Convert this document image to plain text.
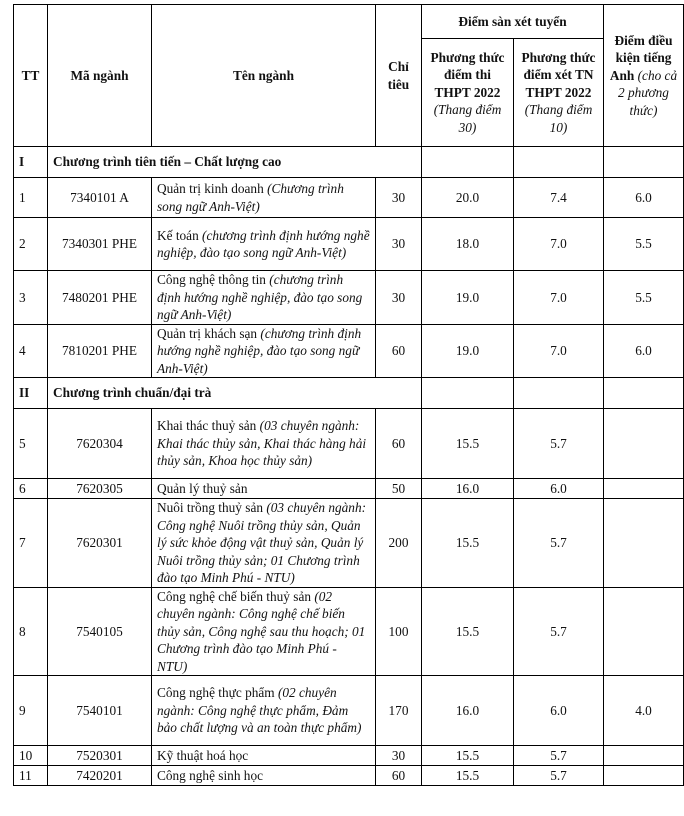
TT	Mã ngành	Tên ngành	Chỉ tiêu	Điểm sàn xét tuyển		Điểm điều kiện tiếng Anh (cho cả 2 phương thức)
				Phương thức điểm thi THPT 2022 (Thang điểm 30)	Phương thức điểm xét TN THPT 2022 (Thang điểm 10)	
I	Chương trình tiên tiến – Chất lượng cao					
1	7340101 A	Quản trị kinh doanh (Chương trình song ngữ Anh-Việt)	30	20.0	7.4	6.0
2	7340301 PHE	Kế toán (chương trình định hướng nghề nghiệp, đào tạo song ngữ Anh-Việt)	30	18.0	7.0	5.5
3	7480201 PHE	Công nghệ thông tin (chương trình định hướng nghề nghiệp, đào tạo song ngữ Anh-Việt)	30	19.0	7.0	5.5
4	7810201 PHE	Quản trị khách sạn (chương trình định hướng nghề nghiệp, đào tạo song ngữ Anh-Việt)	60	19.0	7.0	6.0
II	Chương trình chuẩn/đại trà					
5	7620304	Khai thác thuỷ sản (03 chuyên ngành: Khai thác thủy sản, Khai thác hàng hải thủy sản, Khoa học thủy sản)	60	15.5	5.7	
6	7620305	Quản lý thuỷ sản	50	16.0	6.0	
7	7620301	Nuôi trồng thuỷ sản (03 chuyên ngành: Công nghệ Nuôi trồng thủy sản, Quản lý sức khỏe động vật thuỷ sản, Quản lý Nuôi trồng thủy sản; 01 Chương trình đào tạo Minh Phú - NTU)	200	15.5	5.7	
8	7540105	Công nghệ chế biến thuỷ sản (02 chuyên ngành: Công nghệ chế biến thủy sản, Công nghệ sau thu hoạch; 01 Chương trình đào tạo Minh Phú - NTU)	100	15.5	5.7	
9	7540101	Công nghệ thực phẩm (02 chuyên ngành: Công nghệ thực phẩm, Đảm bảo chất lượng và an toàn thực phẩm)	170	16.0	6.0	4.0
10	7520301	Kỹ thuật hoá học	30	15.5	5.7	
11	7420201	Công nghệ sinh học	60	15.5	5.7	
